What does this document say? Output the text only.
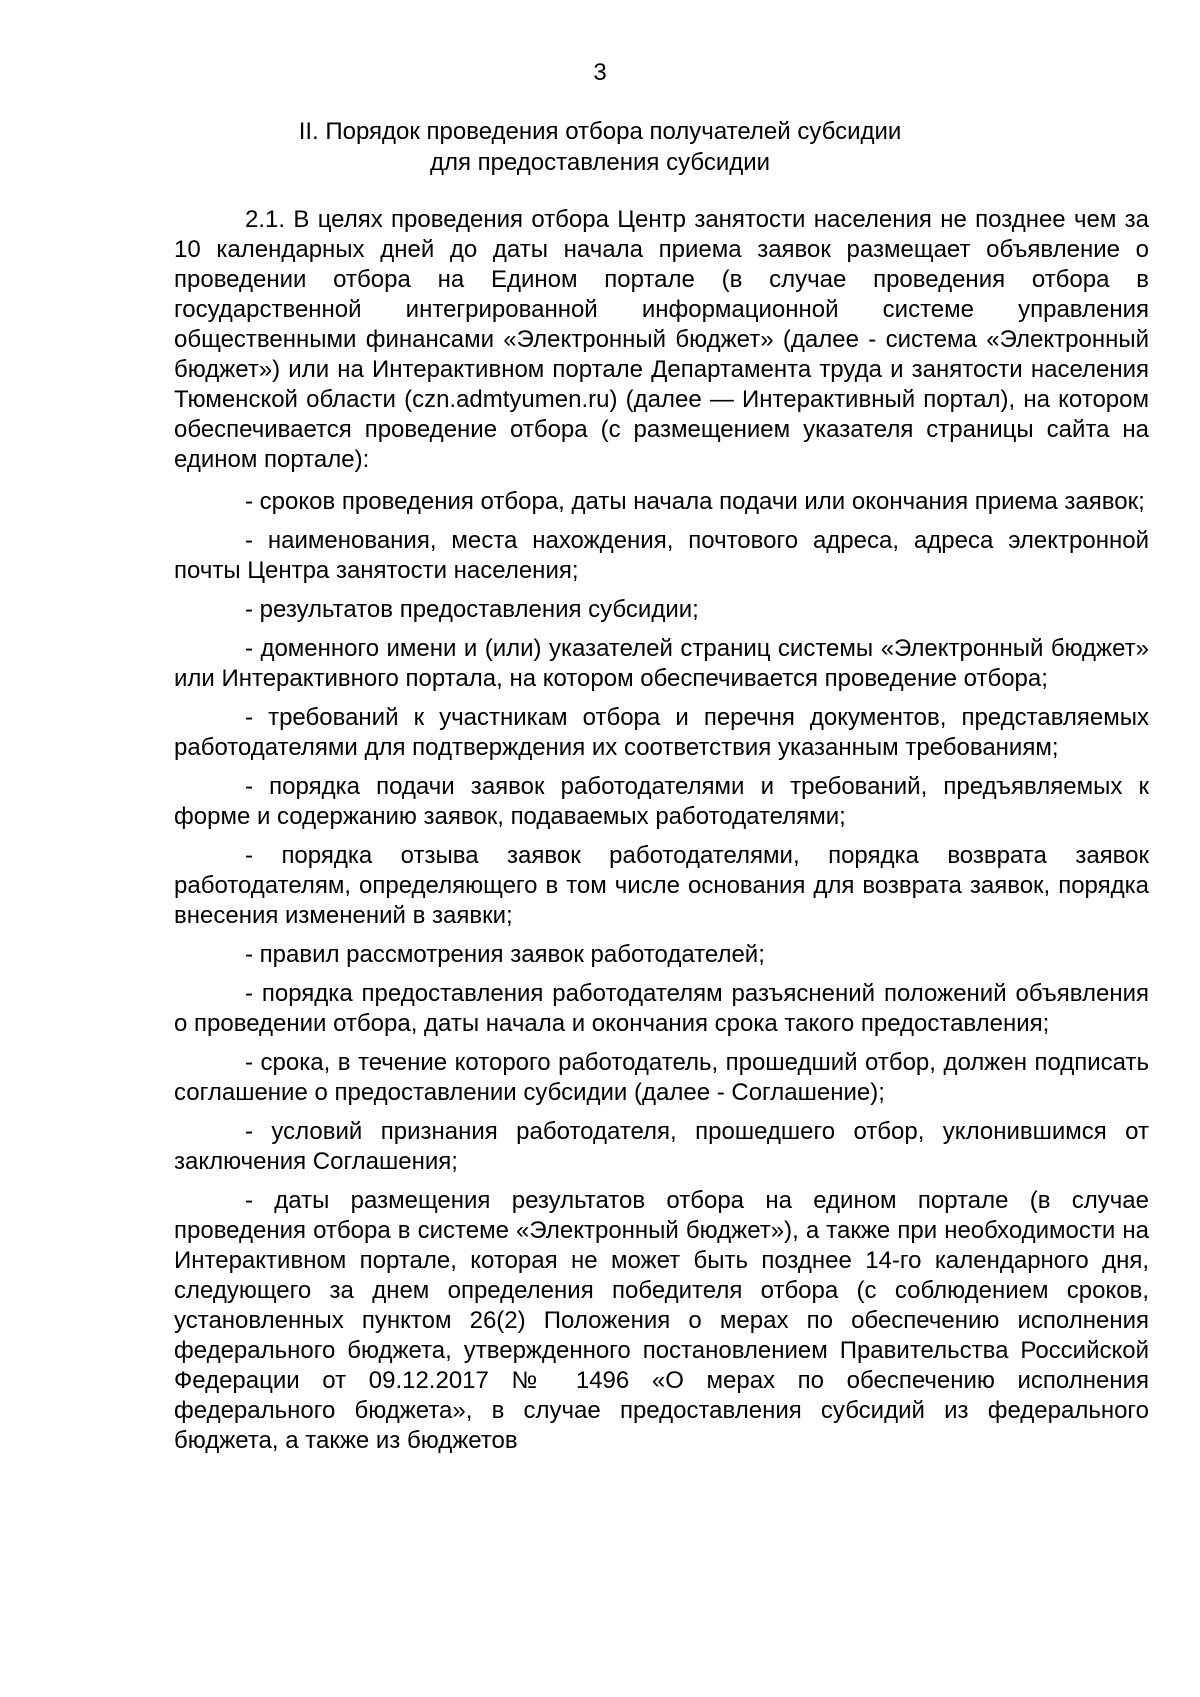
3
II. Порядок проведения отбора получателей субсидии
для предоставления субсидии

2.1. В целях проведения отбора Центр занятости населения не позднее чем за 10 календарных дней до даты начала приема заявок размещает объявление о проведении отбора на Едином портале (в случае проведения отбора в государственной интегрированной информационной системе управления общественными финансами «Электронный бюджет» (далее - система «Электронный бюджет») или на Интерактивном портале Департамента труда и занятости населения Тюменской области (czn.admtyumen.ru) (далее — Интерактивный портал), на котором обеспечивается проведение отбора (с размещением указателя страницы сайта на едином портале):

- сроков проведения отбора, даты начала подачи или окончания приема заявок;

- наименования, места нахождения, почтового адреса, адреса электронной почты Центра занятости населения;

- результатов предоставления субсидии;

- доменного имени и (или) указателей страниц системы «Электронный бюджет» или Интерактивного портала, на котором обеспечивается проведение отбора;

- требований к участникам отбора и перечня документов, представляемых работодателями для подтверждения их соответствия указанным требованиям;

- порядка подачи заявок работодателями и требований, предъявляемых к форме и содержанию заявок, подаваемых работодателями;

- порядка отзыва заявок работодателями, порядка возврата заявок работодателям, определяющего в том числе основания для возврата заявок, порядка внесения изменений в заявки;

- правил рассмотрения заявок работодателей;

- порядка предоставления работодателям разъяснений положений объявления о проведении отбора, даты начала и окончания срока такого предоставления;

- срока, в течение которого работодатель, прошедший отбор, должен подписать соглашение о предоставлении субсидии (далее - Соглашение);

- условий признания работодателя, прошедшего отбор, уклонившимся от заключения Соглашения;

- даты размещения результатов отбора на едином портале (в случае проведения отбора в системе «Электронный бюджет»), а также при необходимости на Интерактивном портале, которая не может быть позднее 14-го календарного дня, следующего за днем определения победителя отбора (с соблюдением сроков, установленных пунктом 26(2) Положения о мерах по обеспечению исполнения федерального бюджета, утвержденного постановлением Правительства Российской Федерации от 09.12.2017 № 1496 «О мерах по обеспечению исполнения федерального бюджета», в случае предоставления субсидий из федерального бюджета, а также из бюджетов
